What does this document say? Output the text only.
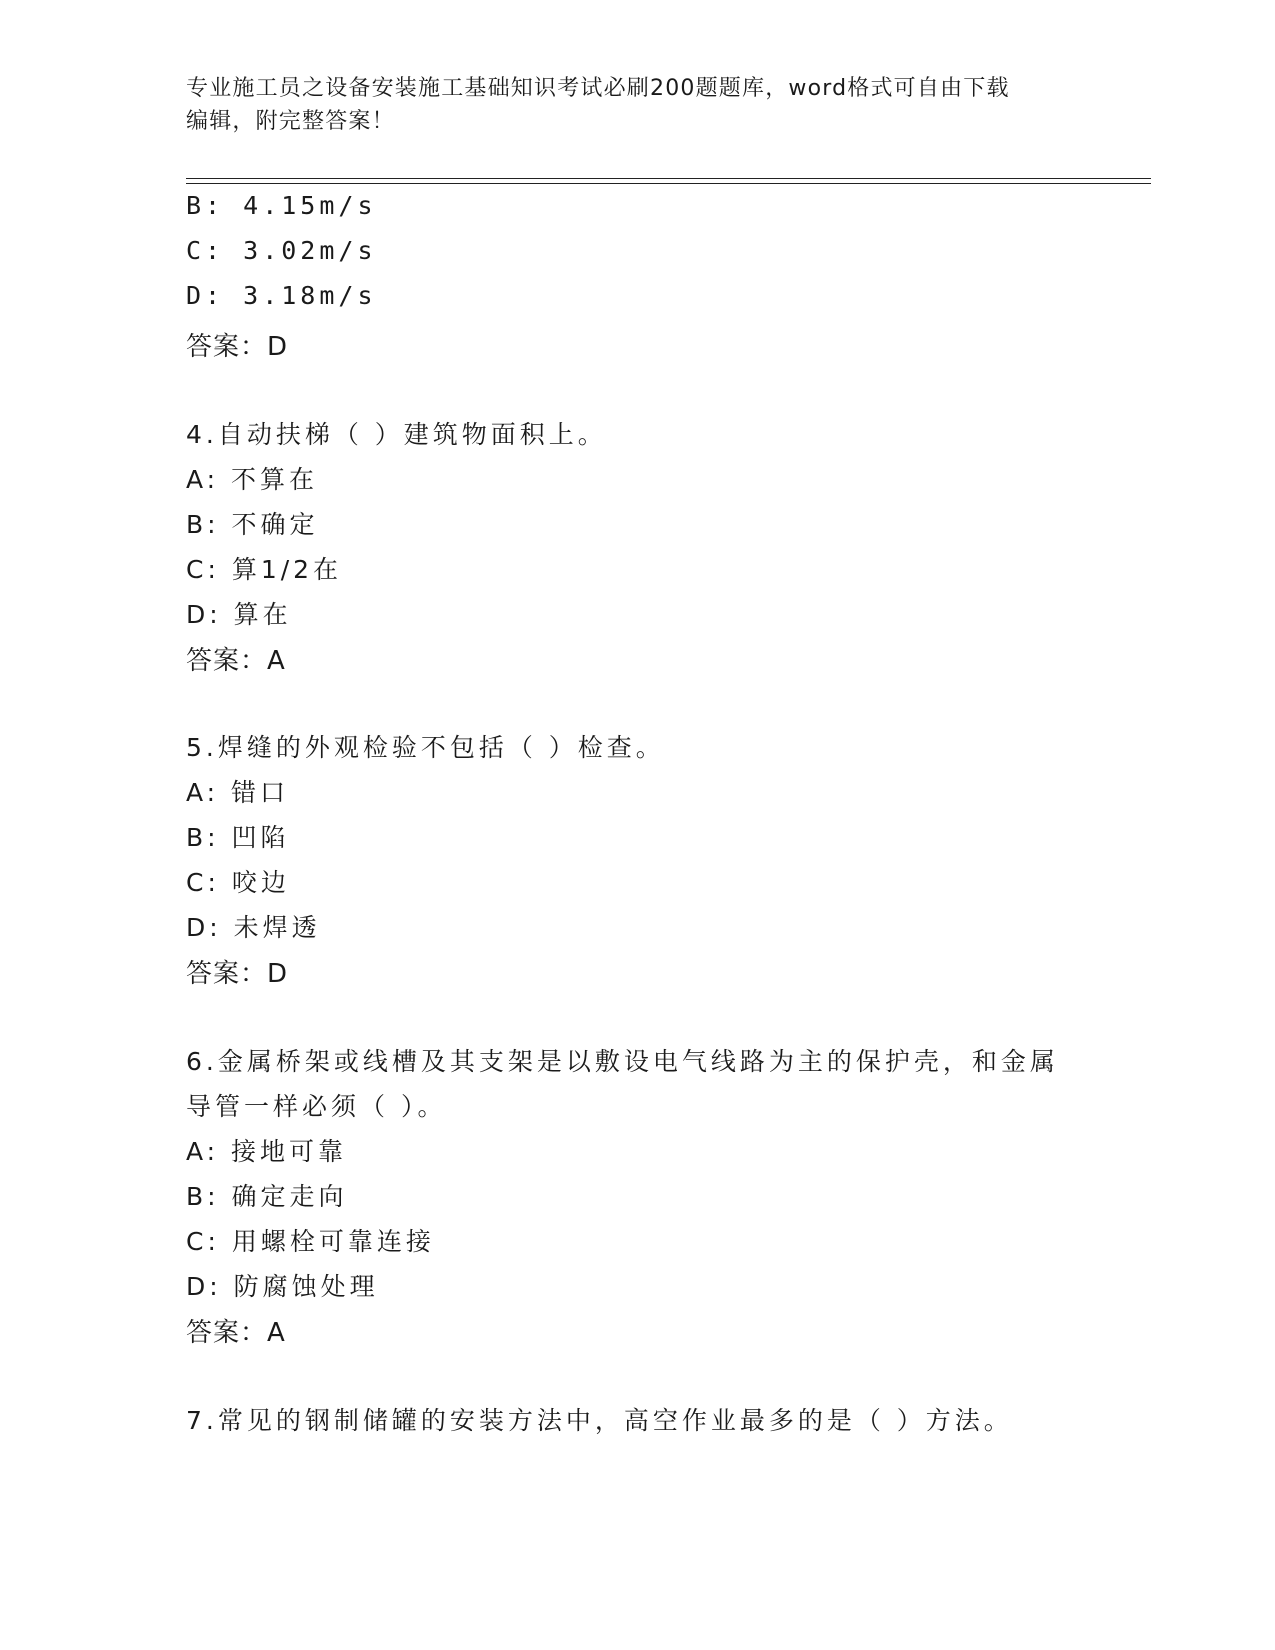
专业施工员之设备安装施工基础知识考试必刷200题题库，word格式可自由下载
编辑，附完整答案！
B: 4.15m/s
C: 3.02m/s
D: 3.18m/s
答案：D
4.自动扶梯（ ）建筑物面积上。
A: 不算在
B: 不确定
C: 算1/2在
D: 算在
答案：A
5.焊缝的外观检验不包括（ ）检查。
A: 错口
B: 凹陷
C: 咬边
D: 未焊透
答案：D
6.金属桥架或线槽及其支架是以敷设电气线路为主的保护壳，和金属
导管一样必须（ ）。
A: 接地可靠
B: 确定走向
C: 用螺栓可靠连接
D: 防腐蚀处理
答案：A
7.常见的钢制储罐的安装方法中，高空作业最多的是（ ）方法。
